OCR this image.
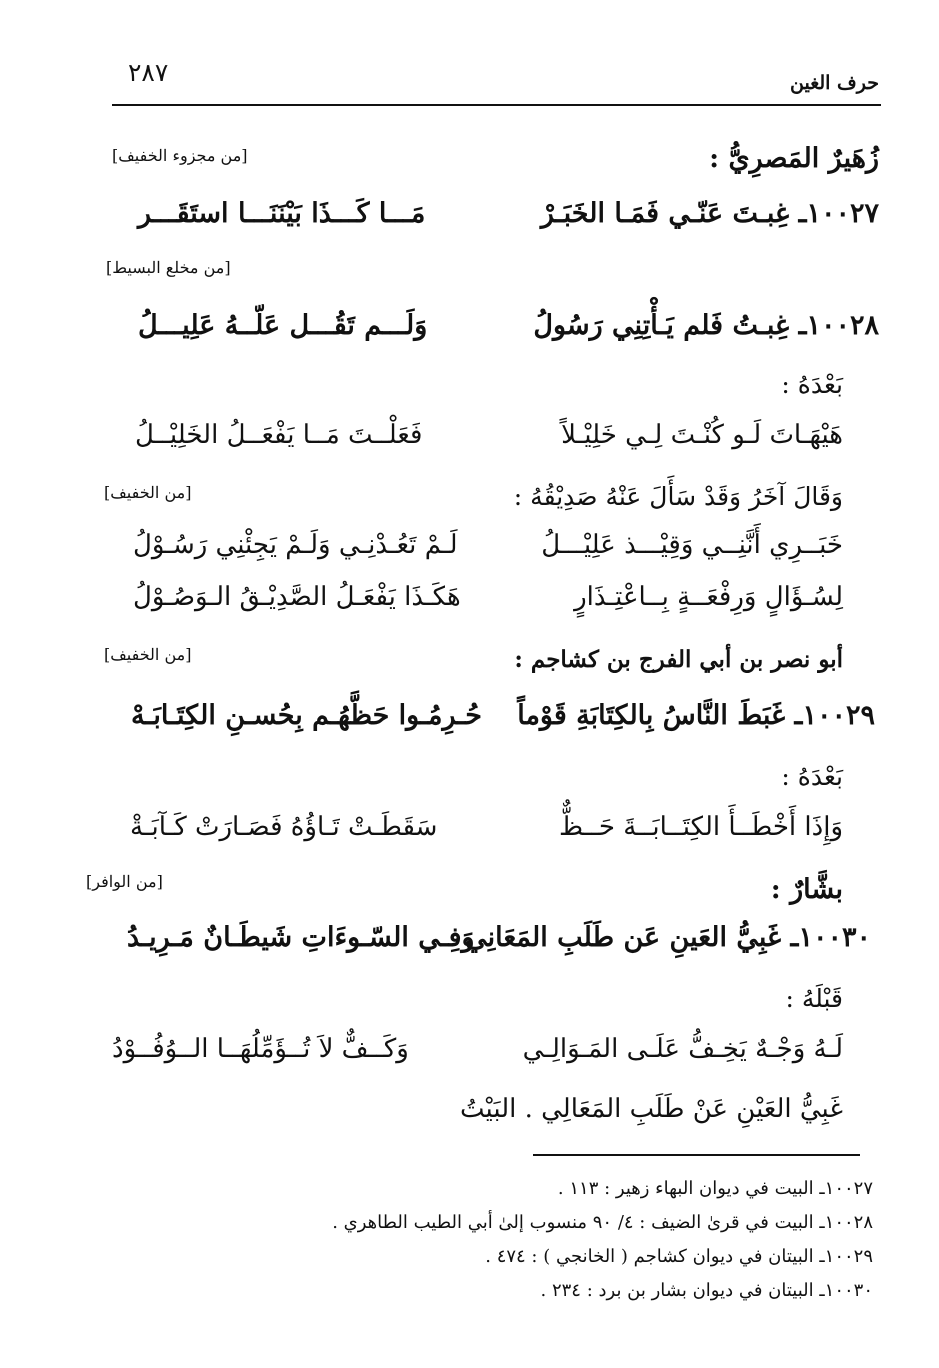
٢٨٧	حرف الغين
زُهَيرٌ المَصرِيُّ :
[من مجزوء الخفيف]
١٠٠٢٧ـ غِبـتَ عَنّـي فَمَـا الخَبَـرْ
مَـــا كَـــذَا بَيْنَنَـــا استَقَـــر
[من مخلع البسيط]
١٠٠٢٨ـ غِبـتُ فَلم يَـأْتِنِي رَسُولُ
وَلَـــم تَقُـــل عَلّــهُ عَلِيـــلُ
بَعْدَهُ :
هَيْهَـاتَ لَـو كُنْـتَ لِـي خَلِيْـلاً
فَعَلْــتَ مَــا يَفْعَــلُ الخَلِيْــلُ
وَقَالَ آخَرُ وَقَدْ سَأَلَ عَنْهُ صَدِيْقُهُ :
[من الخفيف]
خَبَــرِي أَنَّنِــي وَقِيْـــذ عَلِيْـــلُ
لَـمْ تَعُـدْنِـي وَلَـمْ يَجِئْنِي رَسُـوْلُ
لِسُـؤَالٍ وَرِفْعَــةٍ بِــاعْتِـذَارٍ
هَكَـذَا يَفْعَـلُ الصَّدِيْـقُ الـوَصُـوْلُ
أبو نصر بن أبي الفرج بن كشاجم :
[من الخفيف]
١٠٠٢٩ـ غَبَطَ النَّاسُ بِالكِتَابَةِ قَوْماً
حُـرِمُـوا حَظَّهُـم بِحُسـنِ الكِتَـابَـهْ
بَعْدَهُ :
وَإِذَا أَخْطَــأَ الكِتَــابَــةَ حَــظٌّ
سَقَطَـتْ تَـاؤُهُ فَصَـارَتْ كَـآبَـةْ
بشَّارٌ :
[من الوافر]
١٠٠٣٠ـ غَبِيُّ العَينِ عَن طَلَبِ المَعَانِي
وَفِـي السّـوءَاتِ شَيطَـانٌ مَـرِيـدُ
قَبْلَهُ :
لَـهُ وَجْـهٌ يَخِـفُّ عَلَـى المَـوَالِـي
وَكَــفٌّ لاَ تُــؤَمِّلُهَــا الــوُفُــوْدُ
غَبِيُّ العَيْنِ عَنْ طَلَبِ المَعَالِي . البَيْتُ
١٠٠٢٧ـ البيت في ديوان البهاء زهير : ١١٣ .
١٠٠٢٨ـ البيت في قرىٰ الضيف : ٤/ ٩٠ منسوب إلىٰ أبي الطيب الطاهري .
١٠٠٢٩ـ البيتان في ديوان كشاجم ( الخانجي ) : ٤٧٤ .
١٠٠٣٠ـ البيتان في ديوان بشار بن برد : ٢٣٤ .
